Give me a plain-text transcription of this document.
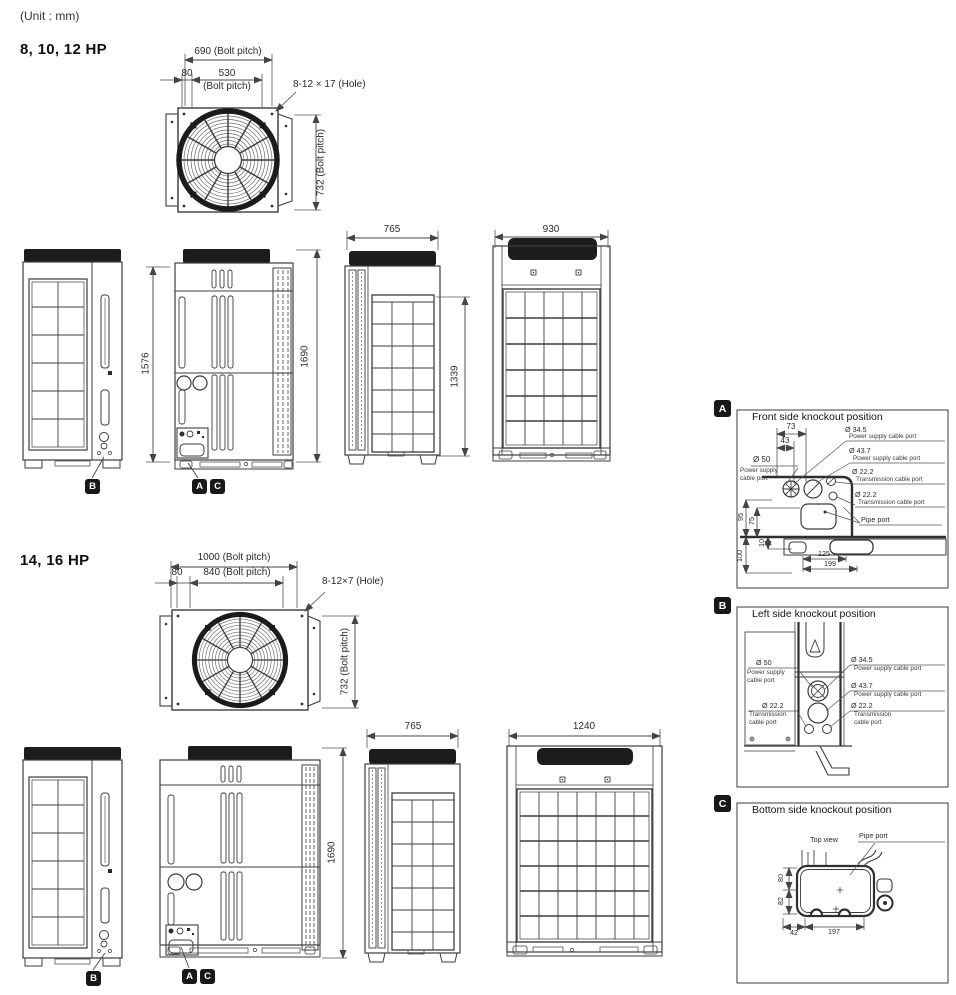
(Unit : mm)
8, 10, 12 HP	690 (Bolt pitch)
80	530
(Bolt pitch)	8-12 × 17 (Hole)
732 (Bolt pitch)
1576	1690
765
1339
930
B	A	C
14, 16 HP	1000 (Bolt pitch)
80	840 (Bolt pitch)
8-12×7 (Hole)
732 (Bolt pitch)
1690
765	1240
B	A	C
A
Front side knockout position
73
43
Ø 34.5
Power supply cable port
Ø 43.7
Power supply cable port
Ø 50
Power supply
cable port
Ø 22.2
Transmission cable port
Ø 22.2
Transmission cable port
Pipe port
95 75
10
100	125
199
B
Left side knockout position
Ø 50
Power supply
cable port
Ø 34.5
Power supply cable port
Ø 43.7
Power supply cable port
Ø 22.2
Transmission
cable port
Ø 22.2
Transmission
cable port
C
Bottom side knockout position
Top view	Pipe port
80
82
42	197
